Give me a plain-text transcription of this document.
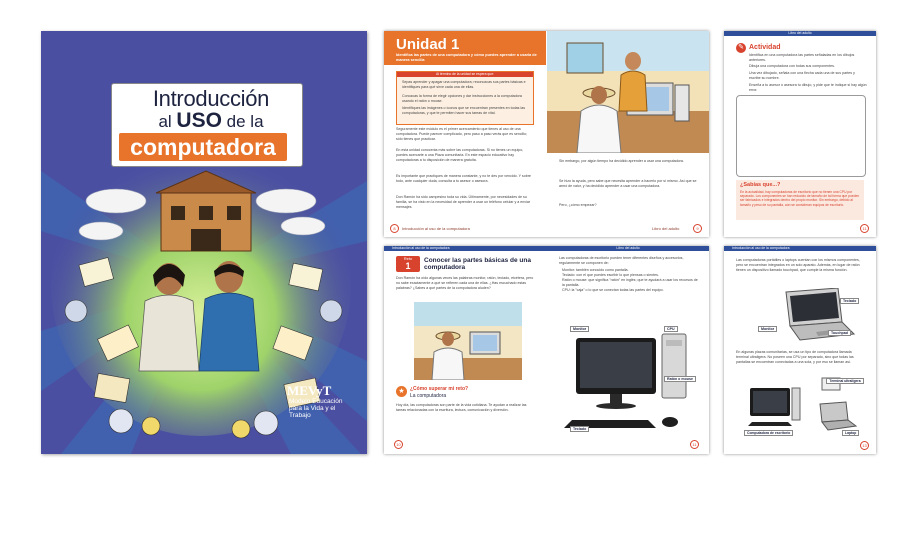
Introducción
al USO de la
computadora
MEVyT
Modelo Educación para la Vida y el Trabajo
Unidad 1
Identifica las partes de una computadora y cómo puedes aprender a usarla de manera sencilla
Al término de la unidad se espera que:
Sepas aprender y apagar una computadora; reconozcas sus partes básicas e identifiques para qué sirve cada una de ellas.
Conozcas la forma de elegir opciones y dar instrucciones a la computadora usando el ratón o mouse.
Identifiques las imágenes o íconos que se encuentran presentes en todas las computadoras, y que te permiten hacer sus tareas de vital.
Seguramente este módulo es el primer acercamiento que tienes al uso de una computadora. Puede parecer complicado, pero paso a paso verás que es sencillo; sólo tienes que practicar.
En esta unidad conocerás más sobre las computadoras. Si no tienes un equipo, puedes acercarte a una Plaza comunitaria. En este espacio educativo hay computadoras a tu disposición de manera gratuita.
Es importante que practiques de manera constante, y no te des por vencido. Y sobre todo, ante cualquier duda, consulta a tu asesor o asesora.
Don Ramón ha sido campesino toda su vida. Últimamente, por necesidades de su familia, se ha visto en la necesidad de aprender a usar un teléfono celular y a enviar mensajes.
8	Introducción al uso de la computadora
Sin embargo, por algún tiempo ha decidido aprender a usar una computadora.
Se hizo la ayuda, pero sabe que necesita aprender a hacerlo por sí mismo. Así que se armó de valor, y ha decidido aprender a usar una computadora.
Pero, ¿cómo empezar?
Libro del adulto	9
Libro del adulto
✎ Actividad
Identifica en una computadora las partes señaladas en los dibujos anteriores.
Dibuja una computadora con todas sus componentes.
Una vez dibujado, señala con una flecha cada una de sus partes y escribe su nombre.
Enseña a tu asesor o asesora tu dibujo, y pide que te indique si hay algún error.
¿Sabías que...?
En la actualidad, hay computadoras de escritorio que no tienen una CPU por separado. Los componentes se han reducido de tamaño de tal forma que pueden ser fabricados e integrados dentro del propio monitor. Sin embargo, debido al tamaño y peso de su pantalla, aún se consideran equipos de escritorio.
11
Introducción al uso de la computadora	Libro del adulto
Reto
1
Conocer las partes básicas de una computadora
Don Ramón ha oído algunas veces las palabras monitor, ratón, teclado, etcétera, pero no sabe exactamente a qué se refieren cada una de ellas. ¿Has escuchado estas palabras? ¿Sabes a qué partes de la computadora aluden?
★	¿Cómo superar mi reto?
La computadora
Hoy día, las computadoras son parte de la vida cotidiana. Te ayudan a realizar las tareas relacionadas con la escritura, lectura, comunicación y diversión.
10
Las computadoras de escritorio pueden tener diferentes diseños y accesorios, regularmente se componen de:
Monitor: también conocido como pantalla.
Teclado: con el que puedes escribir lo que piensas o sientes.
Ratón o mouse: que significa "ratón" en inglés; que te ayudará a usar los recursos de la pantalla.
CPU: la "caja" o lo que se conectan todas las partes del equipo.
Monitor	CPU
Ratón o mouse
Teclado
11
Introducción al uso de la computadora
Las computadoras portátiles o laptops cuentan con los mismos componentes, pero se encuentran integrados en un solo aparato. Además, en lugar de ratón tienen un dispositivo llamado touchpad, que cumple la misma función.
Monitor
Teclado
Touchpad
En algunas plazas comunitarias, se usa un tipo de computadora llamada terminal ultraligera. No poseen una CPU por separado, sino que todas las pantallas se encuentran conectadas a una sola, y por eso se llaman así.
Terminal ultraligera
Computadora de escritorio	Laptop
13
